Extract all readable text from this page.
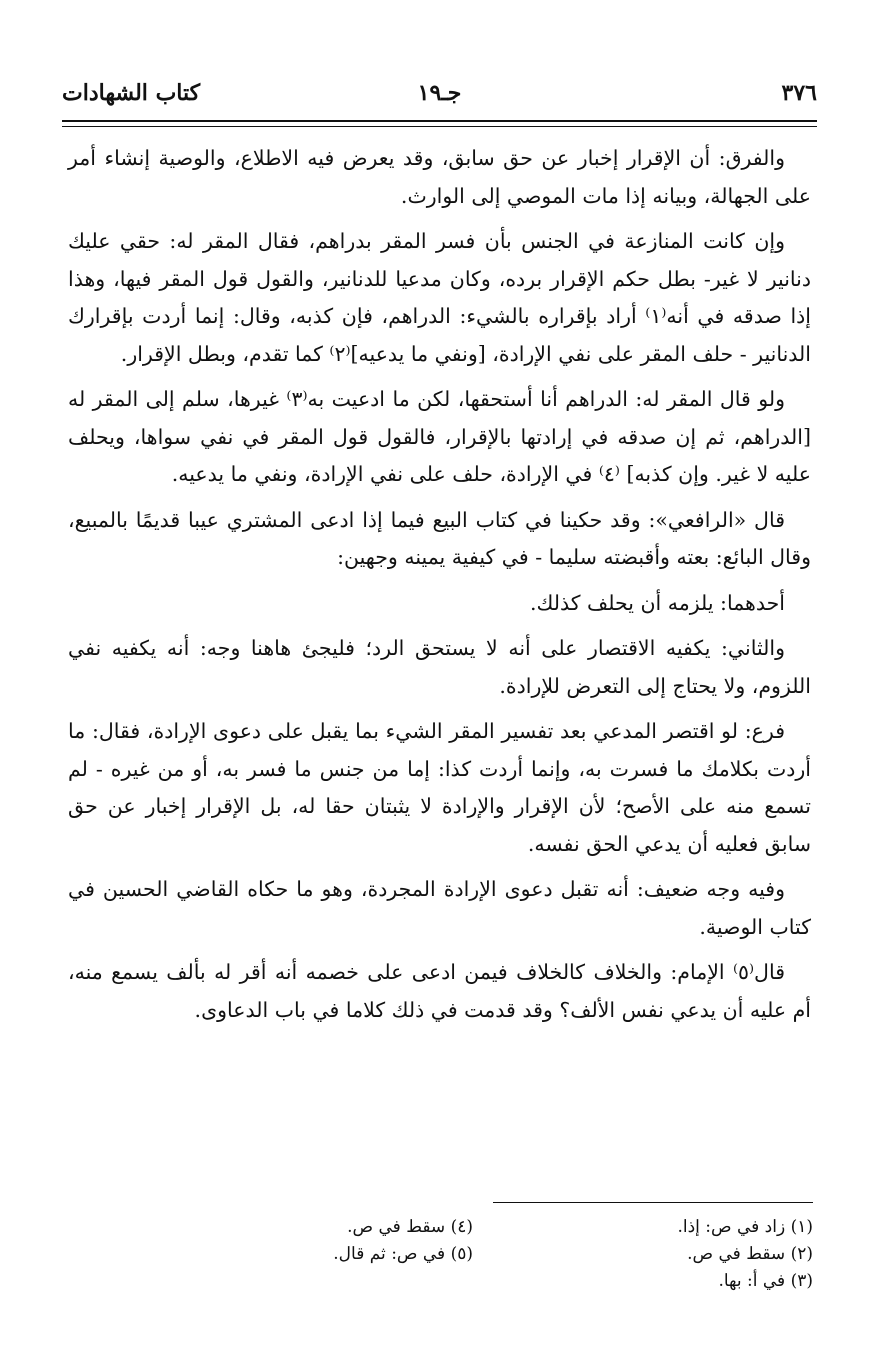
٣٧٦
جـ١٩
كتاب الشهادات

والفرق: أن الإقرار إخبار عن حق سابق، وقد يعرض فيه الاطلاع، والوصية إنشاء أمر على الجهالة، وبيانه إذا مات الموصي إلى الوارث.

وإن كانت المنازعة في الجنس بأن فسر المقر بدراهم، فقال المقر له: حقي عليك دنانير لا غير- بطل حكم الإقرار برده، وكان مدعيا للدنانير، والقول قول المقر فيها، وهذا إذا صدقه في أنه⁽١⁾ أراد بإقراره بالشيء: الدراهم، فإن كذبه، وقال: إنما أردت بإقرارك الدنانير - حلف المقر على نفي الإرادة، [ونفي ما يدعيه]⁽٢⁾ كما تقدم، وبطل الإقرار.

ولو قال المقر له: الدراهم أنا أستحقها، لكن ما ادعيت به⁽٣⁾ غيرها، سلم إلى المقر له [الدراهم، ثم إن صدقه في إرادتها بالإقرار، فالقول قول المقر في نفي سواها، ويحلف عليه لا غير. وإن كذبه] ⁽٤⁾ في الإرادة، حلف على نفي الإرادة، ونفي ما يدعيه.

قال «الرافعي»: وقد حكينا في كتاب البيع فيما إذا ادعى المشتري عيبا قديمًا بالمبيع، وقال البائع: بعته وأقبضته سليما - في كيفية يمينه وجهين:

أحدهما: يلزمه أن يحلف كذلك.

والثاني: يكفيه الاقتصار على أنه لا يستحق الرد؛ فليجئ هاهنا وجه: أنه يكفيه نفي اللزوم، ولا يحتاج إلى التعرض للإرادة.

فرع: لو اقتصر المدعي بعد تفسير المقر الشيء بما يقبل على دعوى الإرادة، فقال: ما أردت بكلامك ما فسرت به، وإنما أردت كذا: إما من جنس ما فسر به، أو من غيره - لم تسمع منه على الأصح؛ لأن الإقرار والإرادة لا يثبتان حقا له، بل الإقرار إخبار عن حق سابق فعليه أن يدعي الحق نفسه.

وفيه وجه ضعيف: أنه تقبل دعوى الإرادة المجردة، وهو ما حكاه القاضي الحسين في كتاب الوصية.

قال⁽٥⁾ الإمام: والخلاف كالخلاف فيمن ادعى على خصمه أنه أقر له بألف يسمع منه، أم عليه أن يدعي نفس الألف؟ وقد قدمت في ذلك كلاما في باب الدعاوى.

(١) زاد في ص: إذا.
(٢) سقط في ص.
(٣) في أ: بها.
(٤) سقط في ص.
(٥) في ص: ثم قال.
